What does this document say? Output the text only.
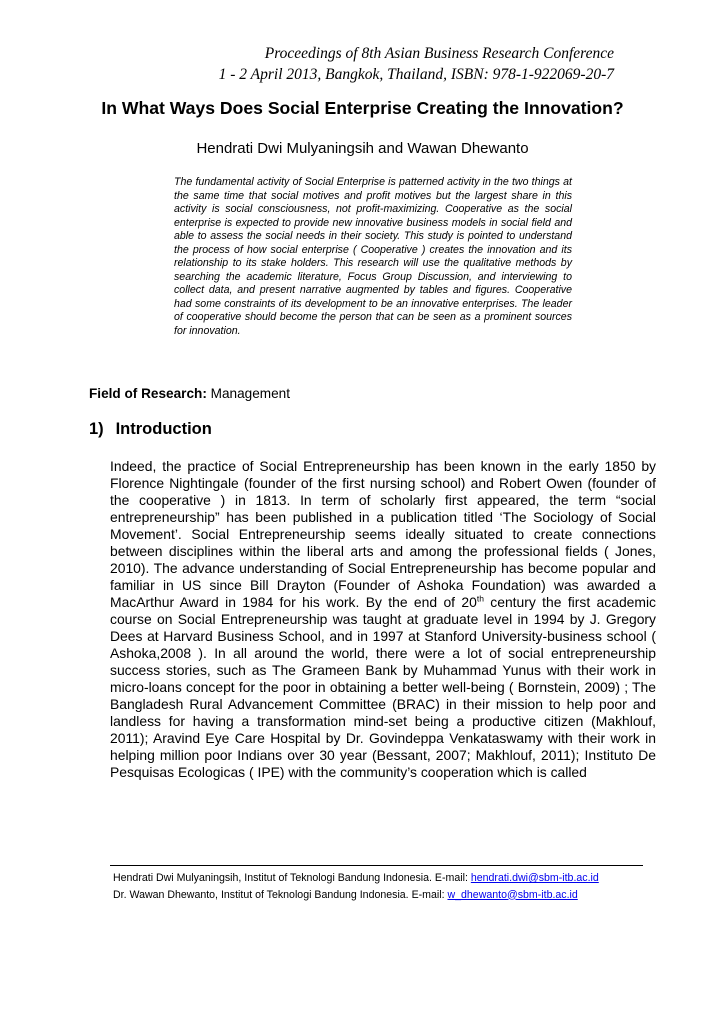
Proceedings of 8th Asian Business Research Conference
1 - 2 April 2013, Bangkok, Thailand, ISBN: 978-1-922069-20-7
In What Ways Does Social Enterprise Creating the Innovation?
Hendrati Dwi Mulyaningsih and Wawan Dhewanto
The fundamental activity of Social Enterprise is patterned activity in the two things at the same time that social motives and profit motives but the largest share in this activity is social consciousness, not profit-maximizing. Cooperative as the social enterprise is expected to provide new innovative business models in social field and able to assess the social needs in their society. This study is pointed to understand the process of how social enterprise ( Cooperative ) creates the innovation and its relationship to its stake holders. This research will use the qualitative methods by searching the academic literature, Focus Group Discussion, and interviewing to collect data, and present narrative augmented by tables and figures. Cooperative had some constraints of its development to be an innovative enterprises. The leader of cooperative should become the person that can be seen as a prominent sources for innovation.
Field of Research: Management
1) Introduction
Indeed, the practice of Social Entrepreneurship has been known in the early 1850 by Florence Nightingale (founder of the first nursing school) and Robert Owen (founder of the cooperative ) in 1813. In term of scholarly first appeared, the term “social entrepreneurship” has been published in a publication titled ‘The Sociology of Social Movement’. Social Entrepreneurship seems ideally situated to create connections between disciplines within the liberal arts and among the professional fields ( Jones, 2010). The advance understanding of Social Entrepreneurship has become popular and familiar in US since Bill Drayton (Founder of Ashoka Foundation) was awarded a MacArthur Award in 1984 for his work. By the end of 20th century the first academic course on Social Entrepreneurship was taught at graduate level in 1994 by J. Gregory Dees at Harvard Business School, and in 1997 at Stanford University-business school ( Ashoka,2008 ). In all around the world, there were a lot of social entrepreneurship success stories, such as The Grameen Bank by Muhammad Yunus with their work in micro-loans concept for the poor in obtaining a better well-being ( Bornstein, 2009) ; The Bangladesh Rural Advancement Committee (BRAC) in their mission to help poor and landless for having a transformation mind-set being a productive citizen (Makhlouf, 2011); Aravind Eye Care Hospital by Dr. Govindeppa Venkataswamy with their work in helping million poor Indians over 30 year (Bessant, 2007; Makhlouf, 2011); Instituto De Pesquisas Ecologicas ( IPE) with the community’s cooperation which is called

Hendrati Dwi Mulyaningsih, Institut of Teknologi Bandung Indonesia. E-mail: hendrati.dwi@sbm-itb.ac.id

Dr. Wawan Dhewanto, Institut of Teknologi Bandung Indonesia. E-mail: w_dhewanto@sbm-itb.ac.id
